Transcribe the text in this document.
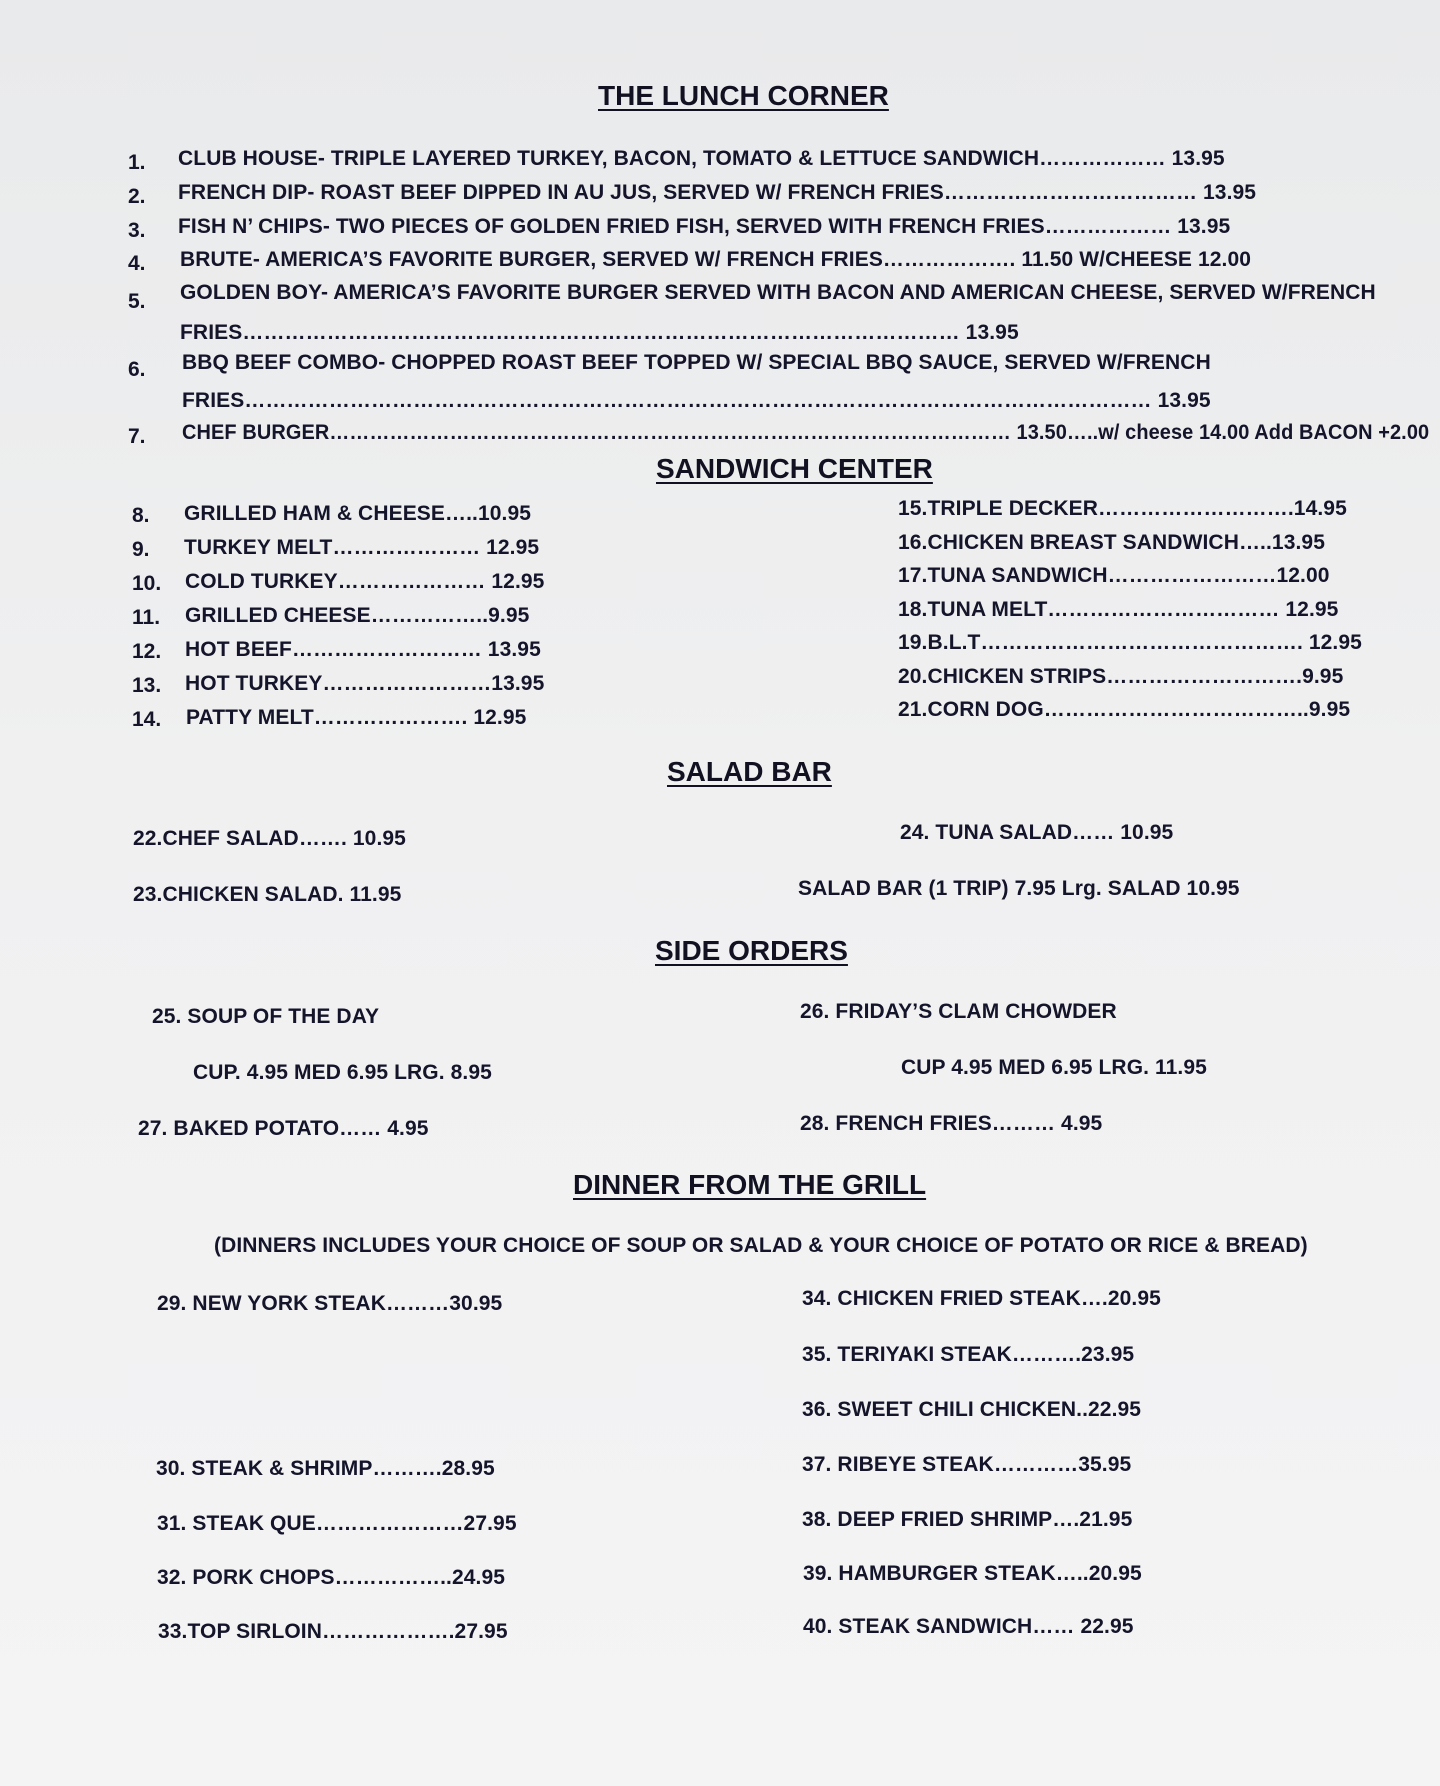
THE LUNCH CORNER
1. CLUB HOUSE- TRIPLE LAYERED TURKEY, BACON, TOMATO & LETTUCE SANDWICH……………… 13.95
2. FRENCH DIP- ROAST BEEF DIPPED IN AU JUS, SERVED W/ FRENCH FRIES……………………………… 13.95
3. FISH N’ CHIPS- TWO PIECES OF GOLDEN FRIED FISH, SERVED WITH FRENCH FRIES……………… 13.95
4. BRUTE- AMERICA’S FAVORITE BURGER, SERVED W/ FRENCH FRIES………………. 11.50 W/CHEESE 12.00
5. GOLDEN BOY- AMERICA’S FAVORITE BURGER SERVED WITH BACON AND AMERICAN CHEESE, SERVED W/FRENCH
FRIES………………………………………………………………………………………… 13.95
6. BBQ BEEF COMBO- CHOPPED ROAST BEEF TOPPED W/ SPECIAL BBQ SAUCE, SERVED W/FRENCH
FRIES………………………………………………………………………………………………………………… 13.95
7. CHEF BURGER………………………………………………………………………………………… 13.50…..w/ cheese 14.00 Add BACON +2.00
SANDWICH CENTER
8. GRILLED HAM & CHEESE…..10.95
9. TURKEY MELT………………… 12.95
10. COLD TURKEY………………… 12.95
11. GRILLED CHEESE……………..9.95
12. HOT BEEF……………………… 13.95
13. HOT TURKEY……………………13.95
14. PATTY MELT…………………. 12.95
15.TRIPLE DECKER……………………….14.95
16.CHICKEN BREAST SANDWICH…..13.95
17.TUNA SANDWICH……………………12.00
18.TUNA MELT…………………………… 12.95
19.B.L.T………………………………………. 12.95
20.CHICKEN STRIPS……………………….9.95
21.CORN DOG………………………………..9.95
SALAD BAR
22.CHEF SALAD……. 10.95
23.CHICKEN SALAD. 11.95
24. TUNA SALAD…… 10.95
SALAD BAR (1 TRIP) 7.95 Lrg. SALAD 10.95
SIDE ORDERS
25. SOUP OF THE DAY
CUP. 4.95 MED 6.95 LRG. 8.95
27. BAKED POTATO…… 4.95
26. FRIDAY’S CLAM CHOWDER
CUP 4.95 MED 6.95 LRG. 11.95
28. FRENCH FRIES……… 4.95
DINNER FROM THE GRILL
(DINNERS INCLUDES YOUR CHOICE OF SOUP OR SALAD & YOUR CHOICE OF POTATO OR RICE & BREAD)
29. NEW YORK STEAK………30.95
30. STEAK & SHRIMP……….28.95
31. STEAK QUE…………………27.95
32. PORK CHOPS……………..24.95
33.TOP SIRLOIN……………….27.95
34. CHICKEN FRIED STEAK….20.95
35. TERIYAKI STEAK……….23.95
36. SWEET CHILI CHICKEN..22.95
37. RIBEYE STEAK…………35.95
38. DEEP FRIED SHRIMP….21.95
39. HAMBURGER STEAK…..20.95
40. STEAK SANDWICH…… 22.95
